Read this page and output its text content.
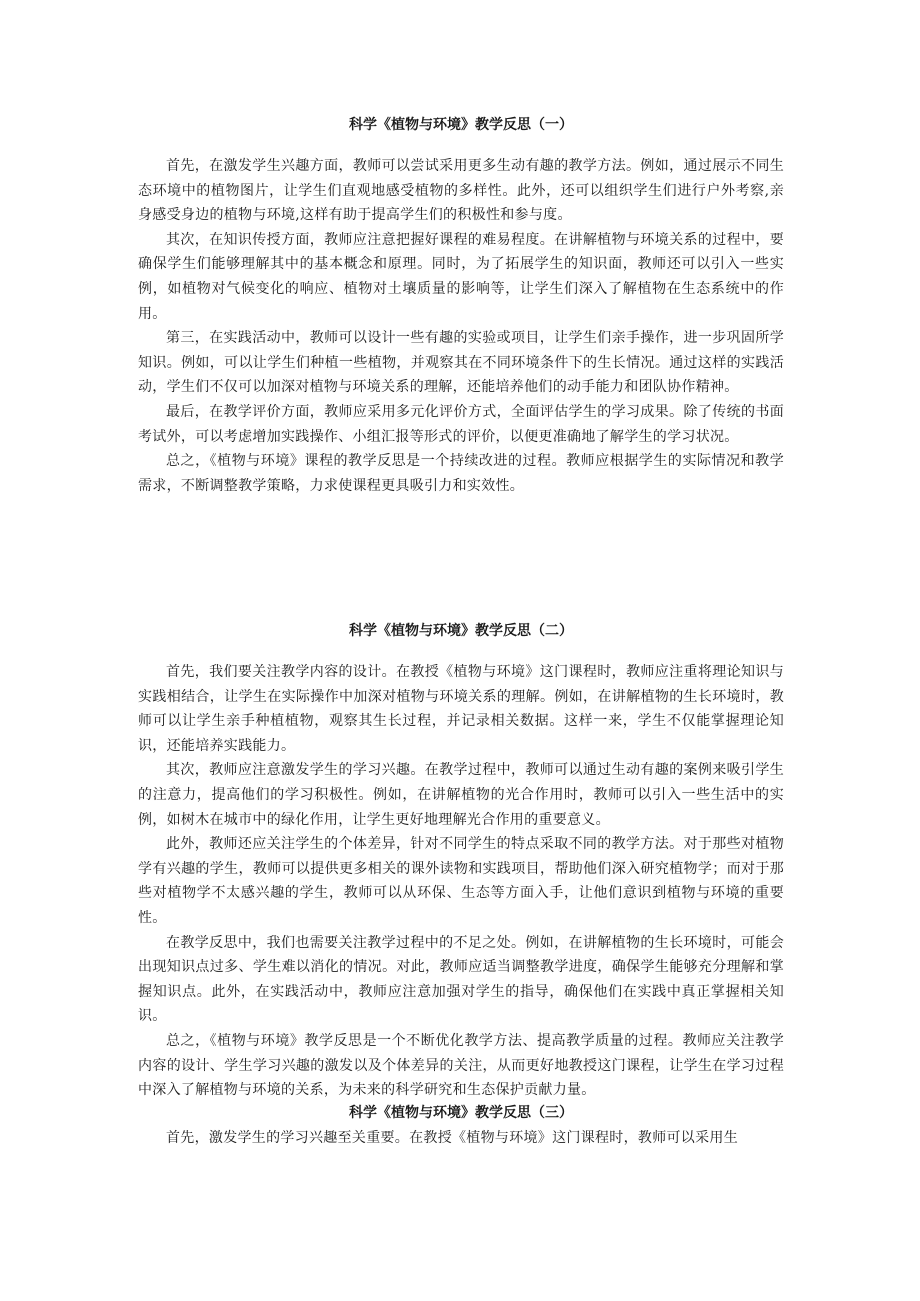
科学《植物与环境》教学反思（一）

首先，在激发学生兴趣方面，教师可以尝试采用更多生动有趣的教学方法。例如，通过展示不同生态环境中的植物图片，让学生们直观地感受植物的多样性。此外，还可以组织学生们进行户外考察,亲身感受身边的植物与环境,这样有助于提高学生们的积极性和参与度。

其次，在知识传授方面，教师应注意把握好课程的难易程度。在讲解植物与环境关系的过程中，要确保学生们能够理解其中的基本概念和原理。同时，为了拓展学生的知识面，教师还可以引入一些实例，如植物对气候变化的响应、植物对土壤质量的影响等，让学生们深入了解植物在生态系统中的作用。

第三，在实践活动中，教师可以设计一些有趣的实验或项目，让学生们亲手操作，进一步巩固所学知识。例如，可以让学生们种植一些植物，并观察其在不同环境条件下的生长情况。通过这样的实践活动，学生们不仅可以加深对植物与环境关系的理解，还能培养他们的动手能力和团队协作精神。

最后，在教学评价方面，教师应采用多元化评价方式，全面评估学生的学习成果。除了传统的书面考试外，可以考虑增加实践操作、小组汇报等形式的评价，以便更准确地了解学生的学习状况。

总之，《植物与环境》课程的教学反思是一个持续改进的过程。教师应根据学生的实际情况和教学需求，不断调整教学策略，力求使课程更具吸引力和实效性。

科学《植物与环境》教学反思（二）

首先，我们要关注教学内容的设计。在教授《植物与环境》这门课程时，教师应注重将理论知识与实践相结合，让学生在实际操作中加深对植物与环境关系的理解。例如，在讲解植物的生长环境时，教师可以让学生亲手种植植物，观察其生长过程，并记录相关数据。这样一来，学生不仅能掌握理论知识，还能培养实践能力。

其次，教师应注意激发学生的学习兴趣。在教学过程中，教师可以通过生动有趣的案例来吸引学生的注意力，提高他们的学习积极性。例如，在讲解植物的光合作用时，教师可以引入一些生活中的实例，如树木在城市中的绿化作用，让学生更好地理解光合作用的重要意义。

此外，教师还应关注学生的个体差异，针对不同学生的特点采取不同的教学方法。对于那些对植物学有兴趣的学生，教师可以提供更多相关的课外读物和实践项目，帮助他们深入研究植物学；而对于那些对植物学不太感兴趣的学生，教师可以从环保、生态等方面入手，让他们意识到植物与环境的重要性。

在教学反思中，我们也需要关注教学过程中的不足之处。例如，在讲解植物的生长环境时，可能会出现知识点过多、学生难以消化的情况。对此，教师应适当调整教学进度，确保学生能够充分理解和掌握知识点。此外，在实践活动中，教师应注意加强对学生的指导，确保他们在实践中真正掌握相关知识。

总之，《植物与环境》教学反思是一个不断优化教学方法、提高教学质量的过程。教师应关注教学内容的设计、学生学习兴趣的激发以及个体差异的关注，从而更好地教授这门课程，让学生在学习过程中深入了解植物与环境的关系，为未来的科学研究和生态保护贡献力量。

科学《植物与环境》教学反思（三）

首先，激发学生的学习兴趣至关重要。在教授《植物与环境》这门课程时，教师可以采用生
